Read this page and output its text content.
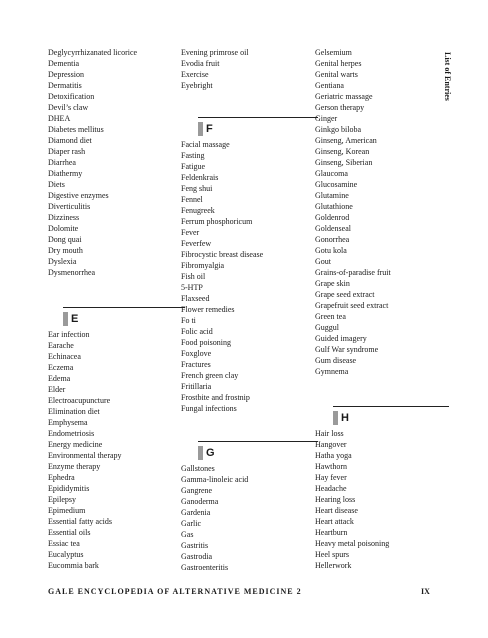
Deglycyrrhizanated licorice
Dementia
Depression
Dermatitis
Detoxification
Devil’s claw
DHEA
Diabetes mellitus
Diamond diet
Diaper rash
Diarrhea
Diathermy
Diets
Digestive enzymes
Diverticulitis
Dizziness
Dolomite
Dong quai
Dry mouth
Dyslexia
Dysmenorrhea
E
Ear infection
Earache
Echinacea
Eczema
Edema
Elder
Electroacupuncture
Elimination diet
Emphysema
Endometriosis
Energy medicine
Environmental therapy
Enzyme therapy
Ephedra
Epididymitis
Epilepsy
Epimedium
Essential fatty acids
Essential oils
Essiac tea
Eucalyptus
Eucommia bark
Evening primrose oil
Evodia fruit
Exercise
Eyebright
F
Facial massage
Fasting
Fatigue
Feldenkrais
Feng shui
Fennel
Fenugreek
Ferrum phosphoricum
Fever
Feverfew
Fibrocystic breast disease
Fibromyalgia
Fish oil
5-HTP
Flaxseed
Flower remedies
Fo ti
Folic acid
Food poisoning
Foxglove
Fractures
French green clay
Fritillaria
Frostbite and frostnip
Fungal infections
G
Gallstones
Gamma-linoleic acid
Gangrene
Ganoderma
Gardenia
Garlic
Gas
Gastritis
Gastrodia
Gastroenteritis
Gelsemium
Genital herpes
Genital warts
Gentiana
Geriatric massage
Gerson therapy
Ginger
Ginkgo biloba
Ginseng, American
Ginseng, Korean
Ginseng, Siberian
Glaucoma
Glucosamine
Glutamine
Glutathione
Goldenrod
Goldenseal
Gonorrhea
Gotu kola
Gout
Grains-of-paradise fruit
Grape skin
Grape seed extract
Grapefruit seed extract
Green tea
Guggul
Guided imagery
Gulf War syndrome
Gum disease
Gymnema
H
Hair loss
Hangover
Hatha yoga
Hawthorn
Hay fever
Headache
Hearing loss
Heart disease
Heart attack
Heartburn
Heavy metal poisoning
Heel spurs
Hellerwork
List of Entries
GALE ENCYCLOPEDIA OF ALTERNATIVE MEDICINE 2	IX
